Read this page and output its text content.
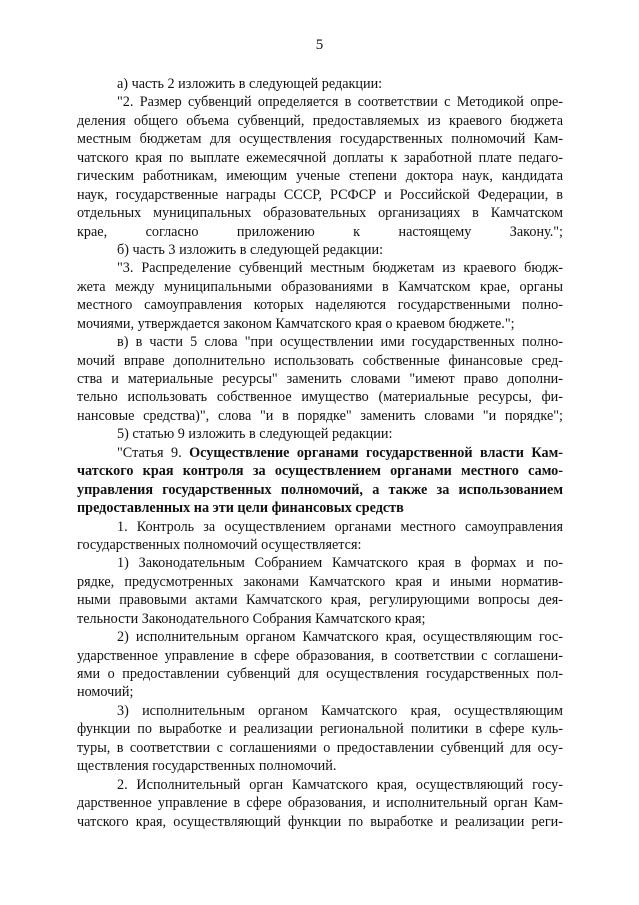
5
а) часть 2 изложить в следующей редакции:
"2. Размер субвенций определяется в соответствии с Методикой опре-
деления общего объема субвенций, предоставляемых из краевого бюджета
местным бюджетам для осуществления государственных полномочий Кам-
чатского края по выплате ежемесячной доплаты к заработной плате педаго-
гическим работникам, имеющим ученые степени доктора наук, кандидата
наук, государственные награды СССР, РСФСР и Российской Федерации, в
отдельных муниципальных образовательных организациях в Камчатском
крае, согласно приложению к настоящему Закону.";
б) часть 3 изложить в следующей редакции:
"3. Распределение субвенций местным бюджетам из краевого бюдж-
жета между муниципальными образованиями в Камчатском крае, органы
местного самоуправления которых наделяются государственными полно-
мочиями, утверждается законом Камчатского края о краевом бюджете.";
в) в части 5 слова "при осуществлении ими государственных полно-
мочий вправе дополнительно использовать собственные финансовые сред-
ства и материальные ресурсы" заменить словами "имеют право дополни-
тельно использовать собственное имущество (материальные ресурсы, фи-
нансовые средства)", слова "и в порядке" заменить словами "и порядке";
5) статью 9 изложить в следующей редакции:
"Статья 9. Осуществление органами государственной власти Кам-
чатского края контроля за осуществлением органами местного само-
управления государственных полномочий, а также за использованием
предоставленных на эти цели финансовых средств
1. Контроль за осуществлением органами местного самоуправления
государственных полномочий осуществляется:
1) Законодательным Собранием Камчатского края в формах и по-
рядке, предусмотренных законами Камчатского края и иными норматив-
ными правовыми актами Камчатского края, регулирующими вопросы дея-
тельности Законодательного Собрания Камчатского края;
2) исполнительным органом Камчатского края, осуществляющим гос-
ударственное управление в сфере образования, в соответствии с соглашени-
ями о предоставлении субвенций для осуществления государственных пол-
номочий;
3) исполнительным органом Камчатского края, осуществляющим
функции по выработке и реализации региональной политики в сфере куль-
туры, в соответствии с соглашениями о предоставлении субвенций для осу-
ществления государственных полномочий.
2. Исполнительный орган Камчатского края, осуществляющий госу-
дарственное управление в сфере образования, и исполнительный орган Кам-
чатского края, осуществляющий функции по выработке и реализации реги-
